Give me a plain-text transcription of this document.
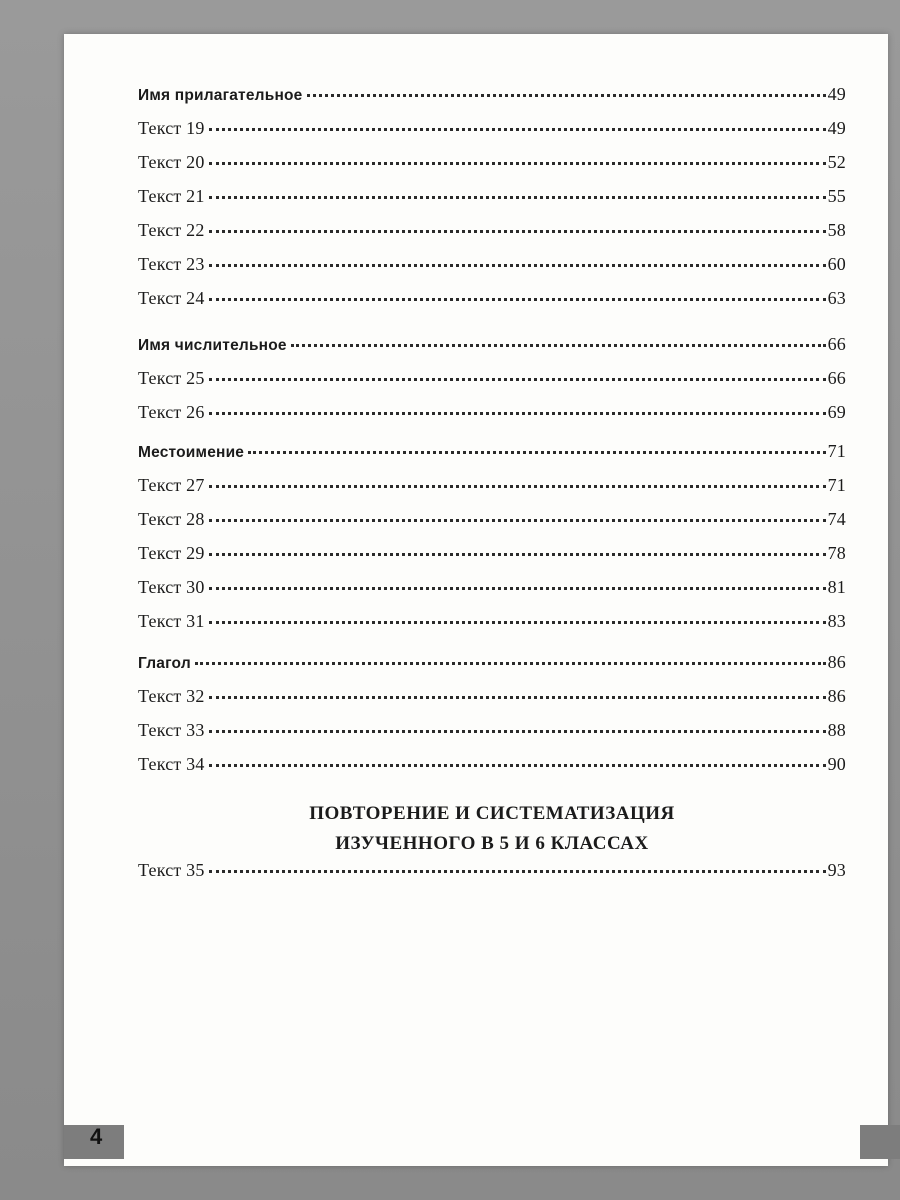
Имя прилагательное	49
Текст 19	49
Текст 20	52
Текст 21	55
Текст 22	58
Текст 23	60
Текст 24	63
Имя числительное	66
Текст 25	66
Текст 26	69
Местоимение	71
Текст 27	71
Текст 28	74
Текст 29	78
Текст 30	81
Текст 31	83
Глагол	86
Текст 32	86
Текст 33	88
Текст 34	90
ПОВТОРЕНИЕ И СИСТЕМАТИЗАЦИЯ
ИЗУЧЕННОГО В 5 И 6 КЛАССАХ
Текст 35	93
4
